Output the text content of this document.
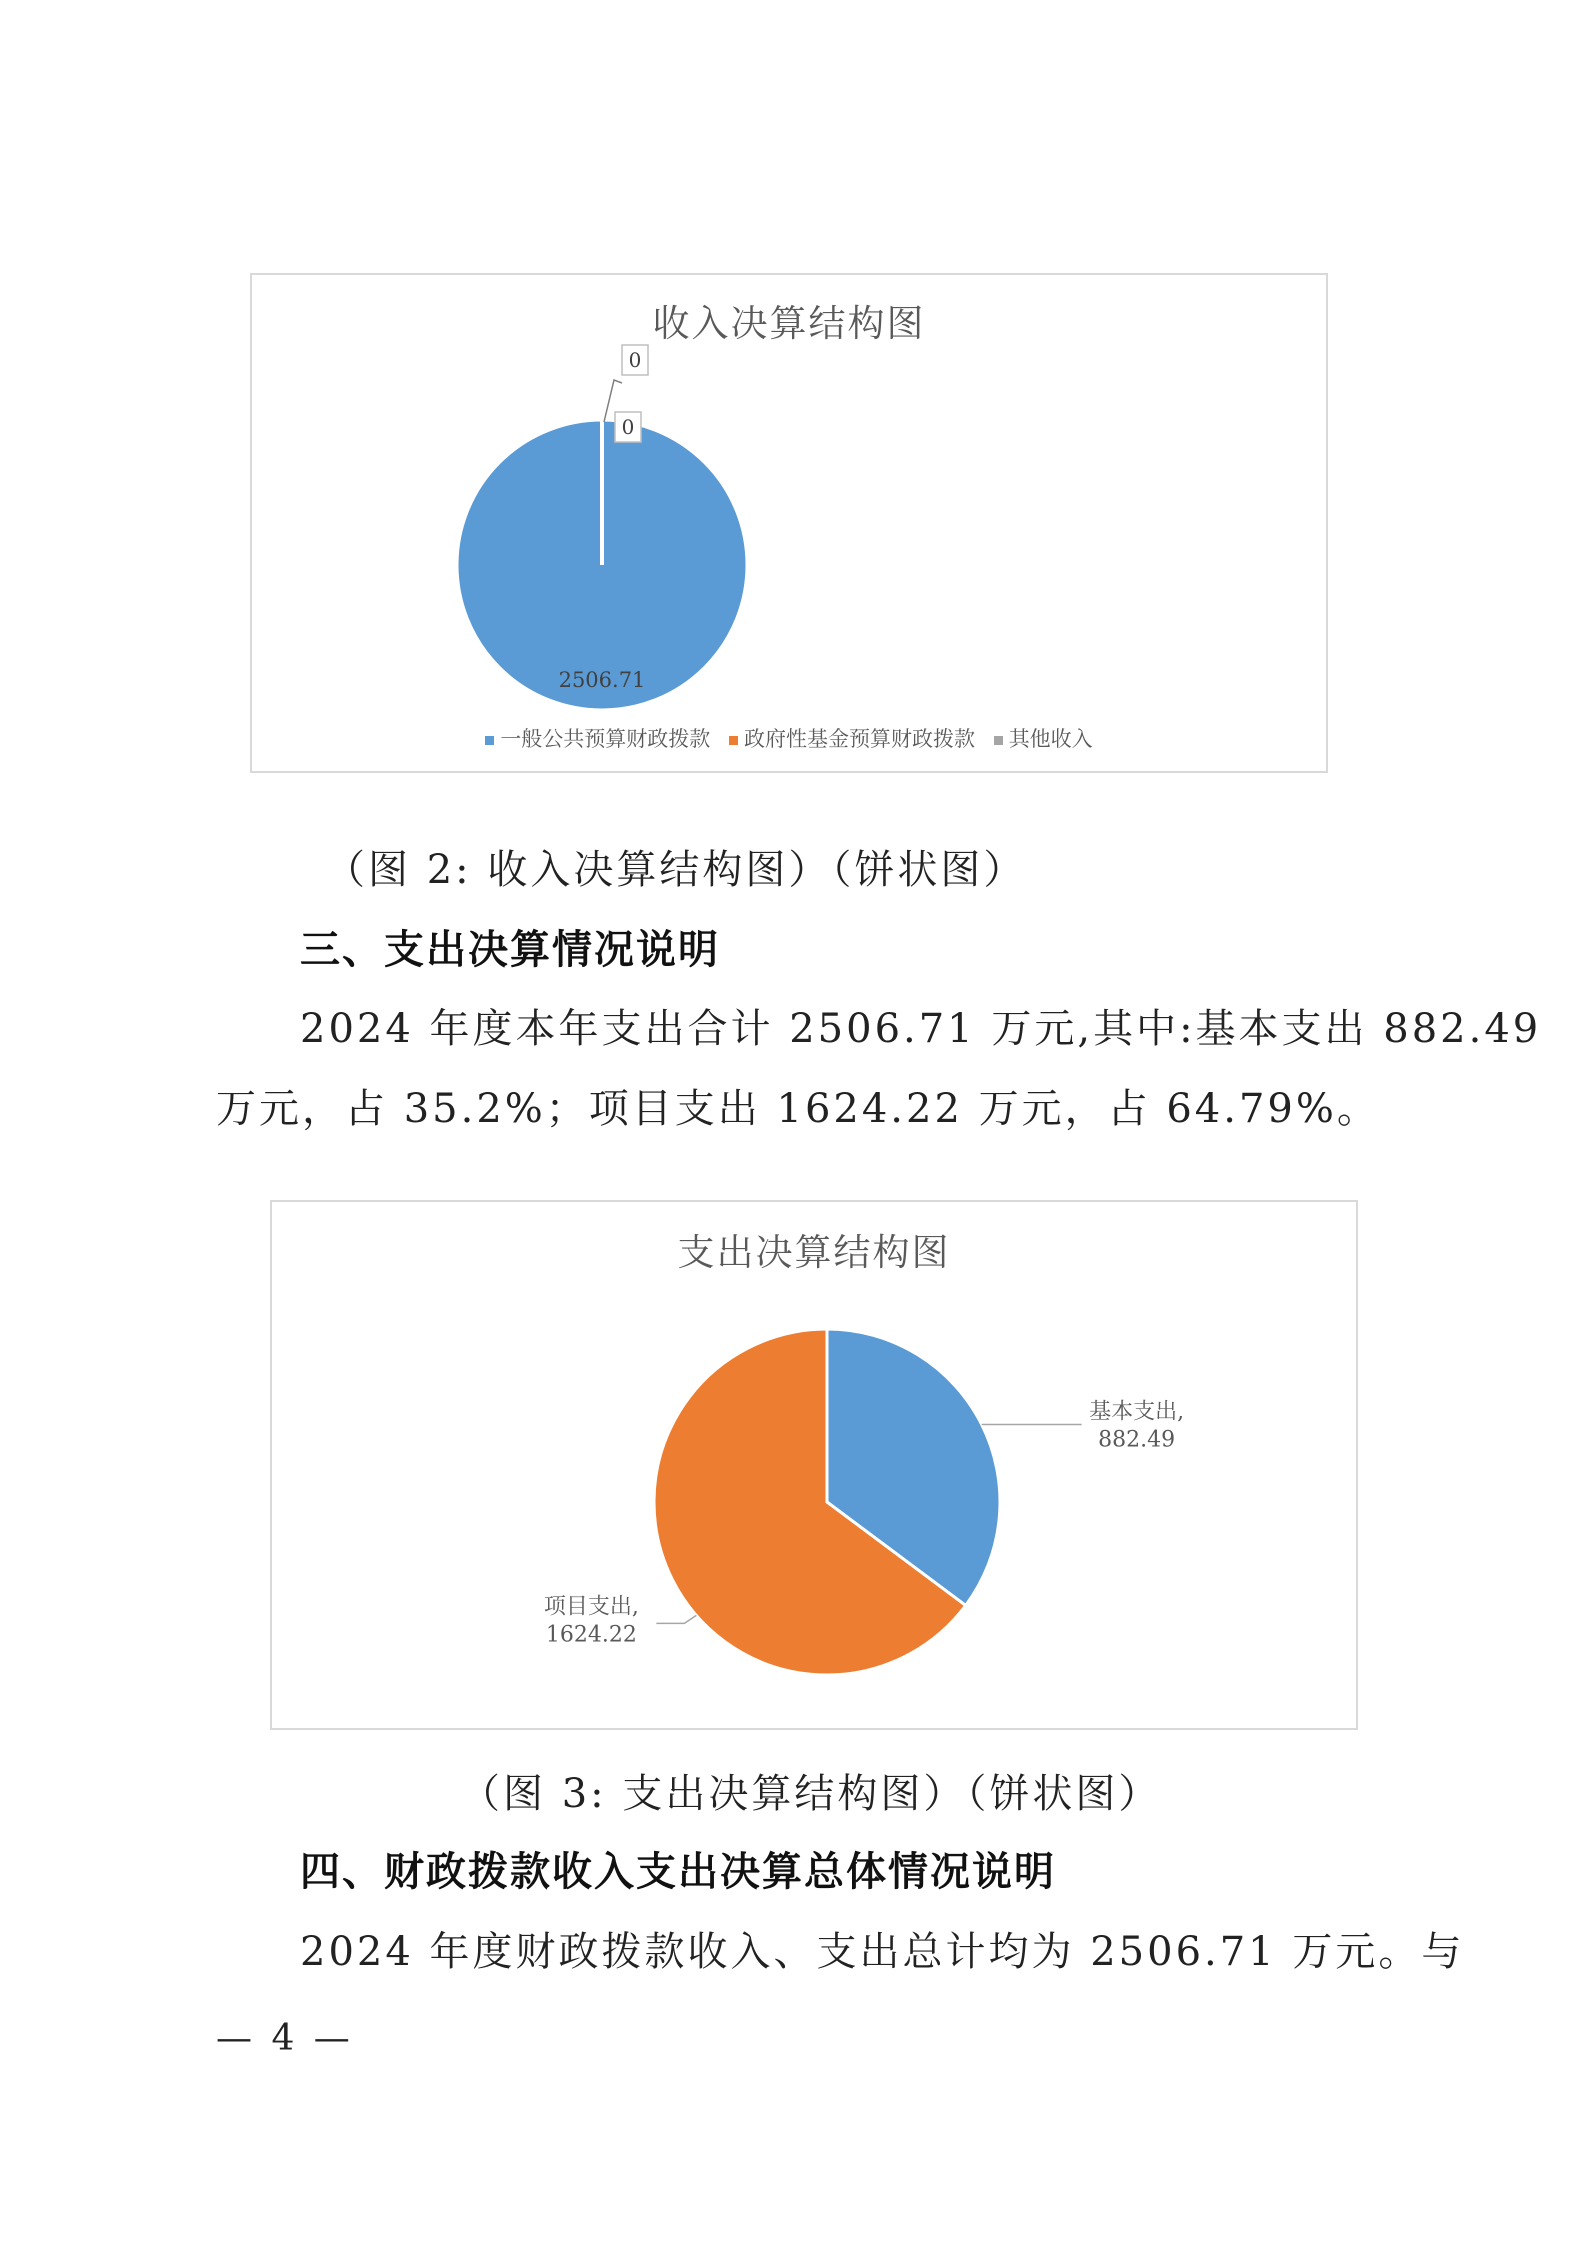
收入决算结构图
2506.71
0
0
一般公共预算财政拨款 政府性基金预算财政拨款 其他收入
（图 2: 收入决算结构图）（饼状图）
三、支出决算情况说明
2024 年度本年支出合计 2506.71 万元,其中:基本支出 882.49
万元，占 35.2%；项目支出 1624.22 万元，占 64.79%。
支出决算结构图
基本支出,
882.49
项目支出,
1624.22
（图 3: 支出决算结构图）（饼状图）
四、财政拨款收入支出决算总体情况说明
2024 年度财政拨款收入、支出总计均为 2506.71 万元。与
— 4 —
